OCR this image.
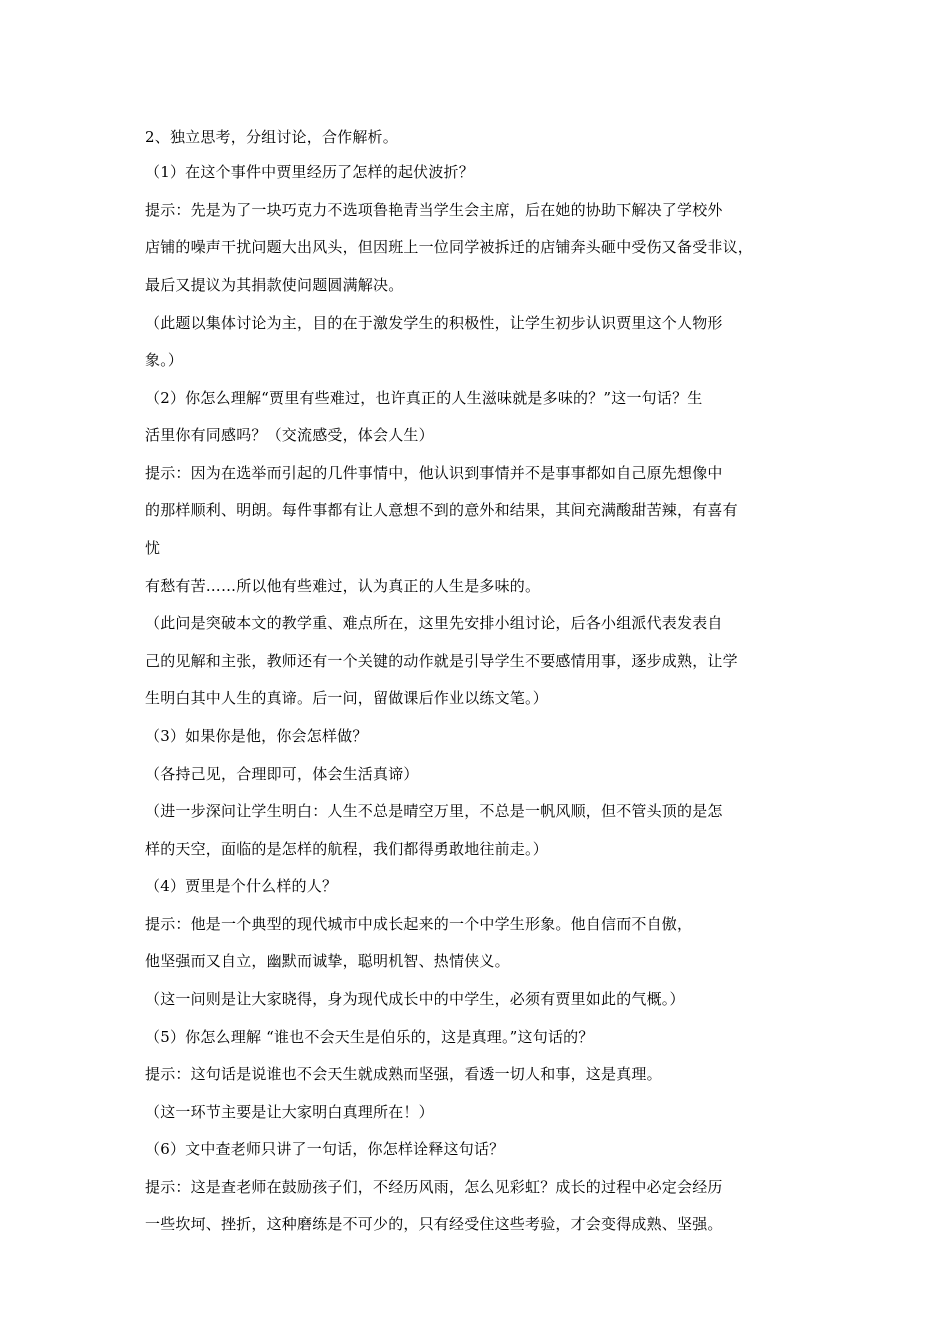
2、独立思考，分组讨论，合作解析。
（1）在这个事件中贾里经历了怎样的起伏波折？
提示：先是为了一块巧克力不选项鲁艳青当学生会主席，后在她的协助下解决了学校外
店铺的噪声干扰问题大出风头，但因班上一位同学被拆迁的店铺奔头砸中受伤又备受非议，
最后又提议为其捐款使问题圆满解决。
（此题以集体讨论为主，目的在于激发学生的积极性，让学生初步认识贾里这个人物形
象。）
（2）你怎么理解“贾里有些难过，也许真正的人生滋味就是多味的？”这一句话？生
活里你有同感吗？（交流感受，体会人生）
提示：因为在选举而引起的几件事情中，他认识到事情并不是事事都如自己原先想像中
的那样顺利、明朗。每件事都有让人意想不到的意外和结果，其间充满酸甜苦辣，有喜有
忧
有愁有苦……所以他有些难过，认为真正的人生是多味的。
（此问是突破本文的教学重、难点所在，这里先安排小组讨论，后各小组派代表发表自
己的见解和主张，教师还有一个关键的动作就是引导学生不要感情用事，逐步成熟，让学
生明白其中人生的真谛。后一问，留做课后作业以练文笔。）
（3）如果你是他，你会怎样做？
（各持己见，合理即可，体会生活真谛）
（进一步深问让学生明白：人生不总是晴空万里，不总是一帆风顺，但不管头顶的是怎
样的天空，面临的是怎样的航程，我们都得勇敢地往前走。）
（4）贾里是个什么样的人？
提示：他是一个典型的现代城市中成长起来的一个中学生形象。他自信而不自傲，
他坚强而又自立，幽默而诚挚，聪明机智、热情侠义。
（这一问则是让大家晓得，身为现代成长中的中学生，必须有贾里如此的气概。）
（5）你怎么理解 “谁也不会天生是伯乐的，这是真理。”这句话的？
提示：这句话是说谁也不会天生就成熟而坚强，看透一切人和事，这是真理。
（这一环节主要是让大家明白真理所在！）
（6）文中查老师只讲了一句话，你怎样诠释这句话？
提示：这是查老师在鼓励孩子们，不经历风雨，怎么见彩虹？成长的过程中必定会经历
一些坎坷、挫折，这种磨练是不可少的，只有经受住这些考验，才会变得成熟、坚强。
